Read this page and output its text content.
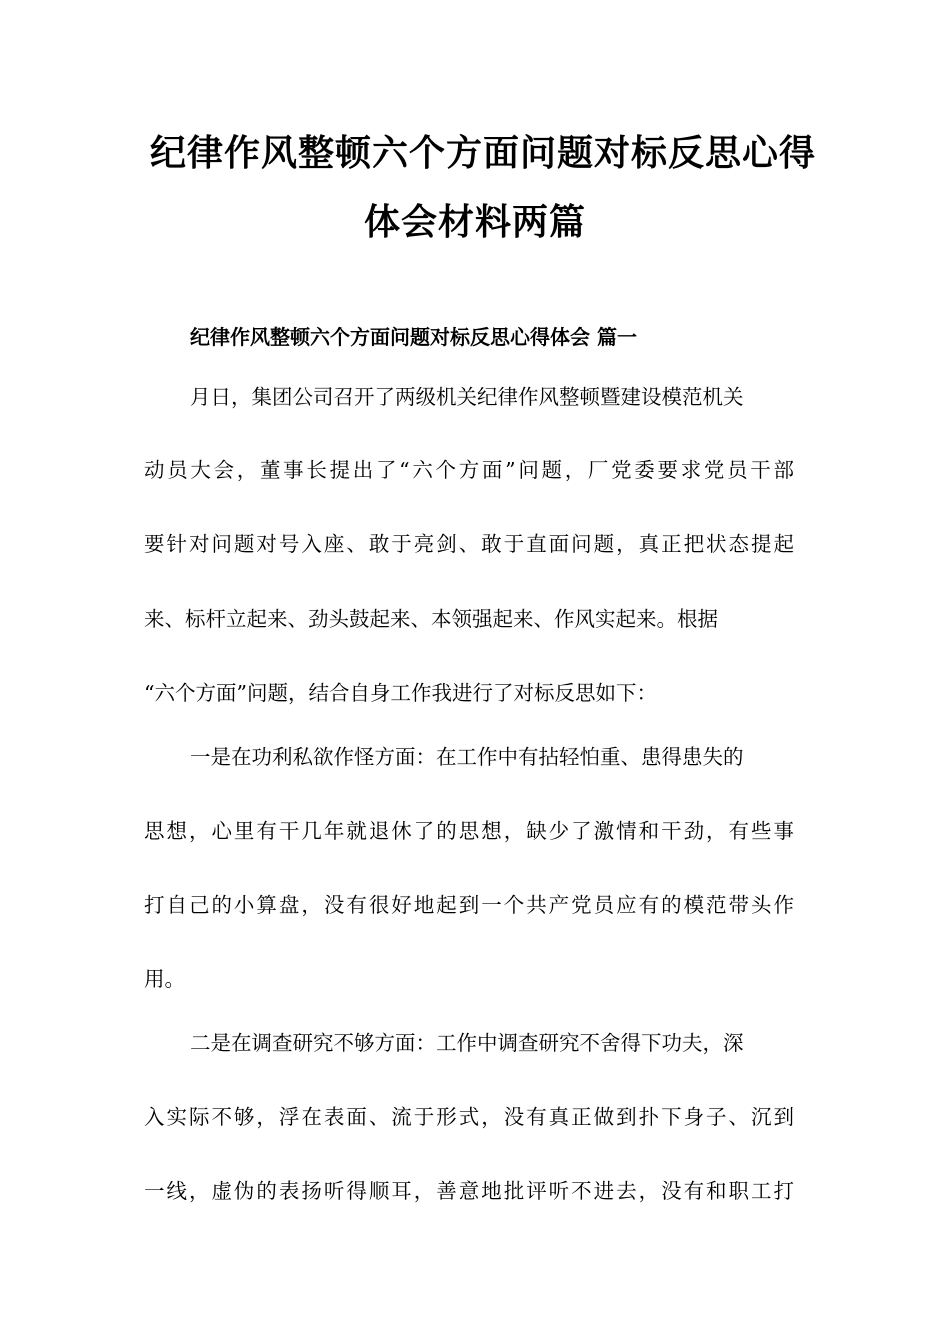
纪律作风整顿六个方面问题对标反思心得
体会材料两篇

纪律作风整顿六个方面问题对标反思心得体会 篇一

月日，集团公司召开了两级机关纪律作风整顿暨建设模范机关

动员大会，董事长提出了“六个方面”问题，厂党委要求党员干部

要针对问题对号入座、敢于亮剑、敢于直面问题，真正把状态提起

来、标杆立起来、劲头鼓起来、本领强起来、作风实起来。根据

“六个方面”问题，结合自身工作我进行了对标反思如下：

一是在功利私欲作怪方面：在工作中有拈轻怕重、患得患失的

思想，心里有干几年就退休了的思想，缺少了激情和干劲，有些事

打自己的小算盘，没有很好地起到一个共产党员应有的模范带头作

用。

二是在调查研究不够方面：工作中调查研究不舍得下功夫，深

入实际不够，浮在表面、流于形式，没有真正做到扑下身子、沉到

一线，虚伪的表扬听得顺耳，善意地批评听不进去，没有和职工打
